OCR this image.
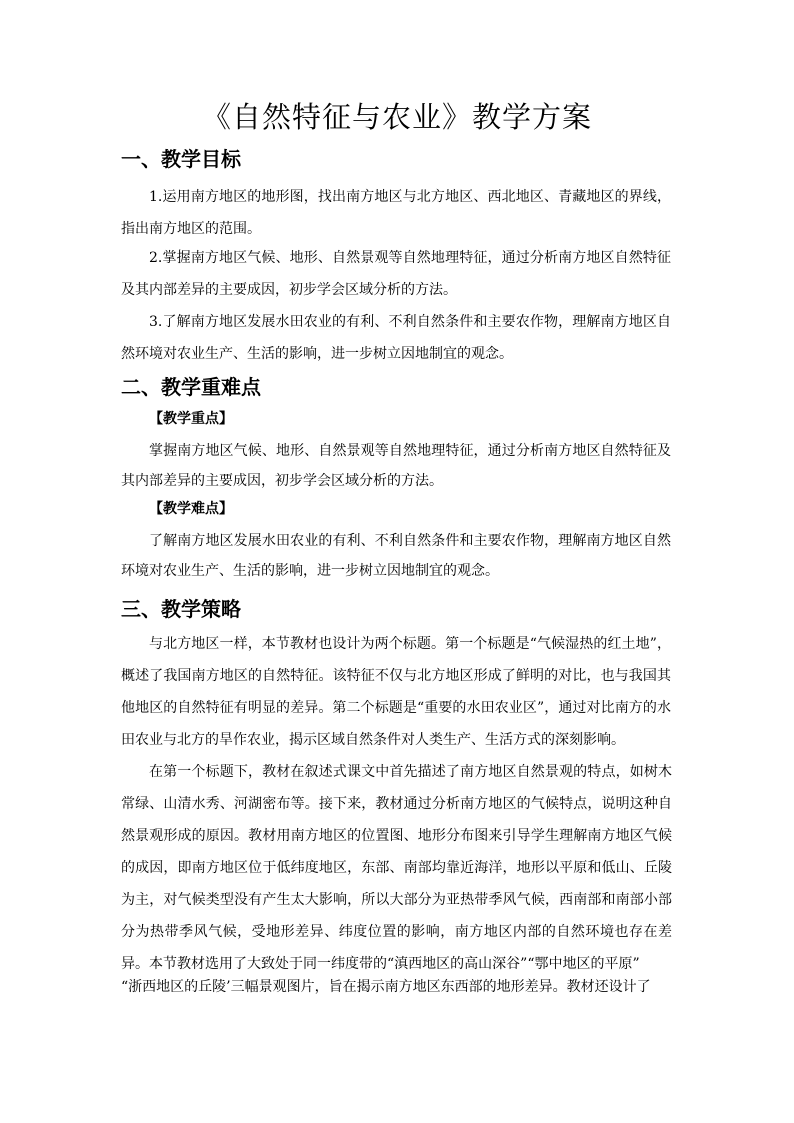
《自然特征与农业》教学方案
一、教学目标
1.运用南方地区的地形图，找出南方地区与北方地区、西北地区、青藏地区的界线，指出南方地区的范围。
2.掌握南方地区气候、地形、自然景观等自然地理特征，通过分析南方地区自然特征及其内部差异的主要成因，初步学会区域分析的方法。
3.了解南方地区发展水田农业的有利、不利自然条件和主要农作物，理解南方地区自然环境对农业生产、生活的影响，进一步树立因地制宜的观念。
二、教学重难点
【教学重点】
掌握南方地区气候、地形、自然景观等自然地理特征，通过分析南方地区自然特征及其内部差异的主要成因，初步学会区域分析的方法。
【教学难点】
了解南方地区发展水田农业的有利、不利自然条件和主要农作物，理解南方地区自然环境对农业生产、生活的影响，进一步树立因地制宜的观念。
三、教学策略
与北方地区一样，本节教材也设计为两个标题。第一个标题是“气候湿热的红土地”，概述了我国南方地区的自然特征。该特征不仅与北方地区形成了鲜明的对比，也与我国其他地区的自然特征有明显的差异。第二个标题是“重要的水田农业区”，通过对比南方的水田农业与北方的旱作农业，揭示区域自然条件对人类生产、生活方式的深刻影响。
在第一个标题下，教材在叙述式课文中首先描述了南方地区自然景观的特点，如树木常绿、山清水秀、河湖密布等。接下来，教材通过分析南方地区的气候特点，说明这种自然景观形成的原因。教材用南方地区的位置图、地形分布图来引导学生理解南方地区气候的成因，即南方地区位于低纬度地区，东部、南部均靠近海洋，地形以平原和低山、丘陵为主，对气候类型没有产生太大影响，所以大部分为亚热带季风气候，西南部和南部小部分为热带季风气候，受地形差异、纬度位置的影响，南方地区内部的自然环境也存在差异。本节教材选用了大致处于同一纬度带的“滇西地区的高山深谷”“鄂中地区的平原”
“浙西地区的丘陵’三幅景观图片，旨在揭示南方地区东西部的地形差异。教材还设计了
